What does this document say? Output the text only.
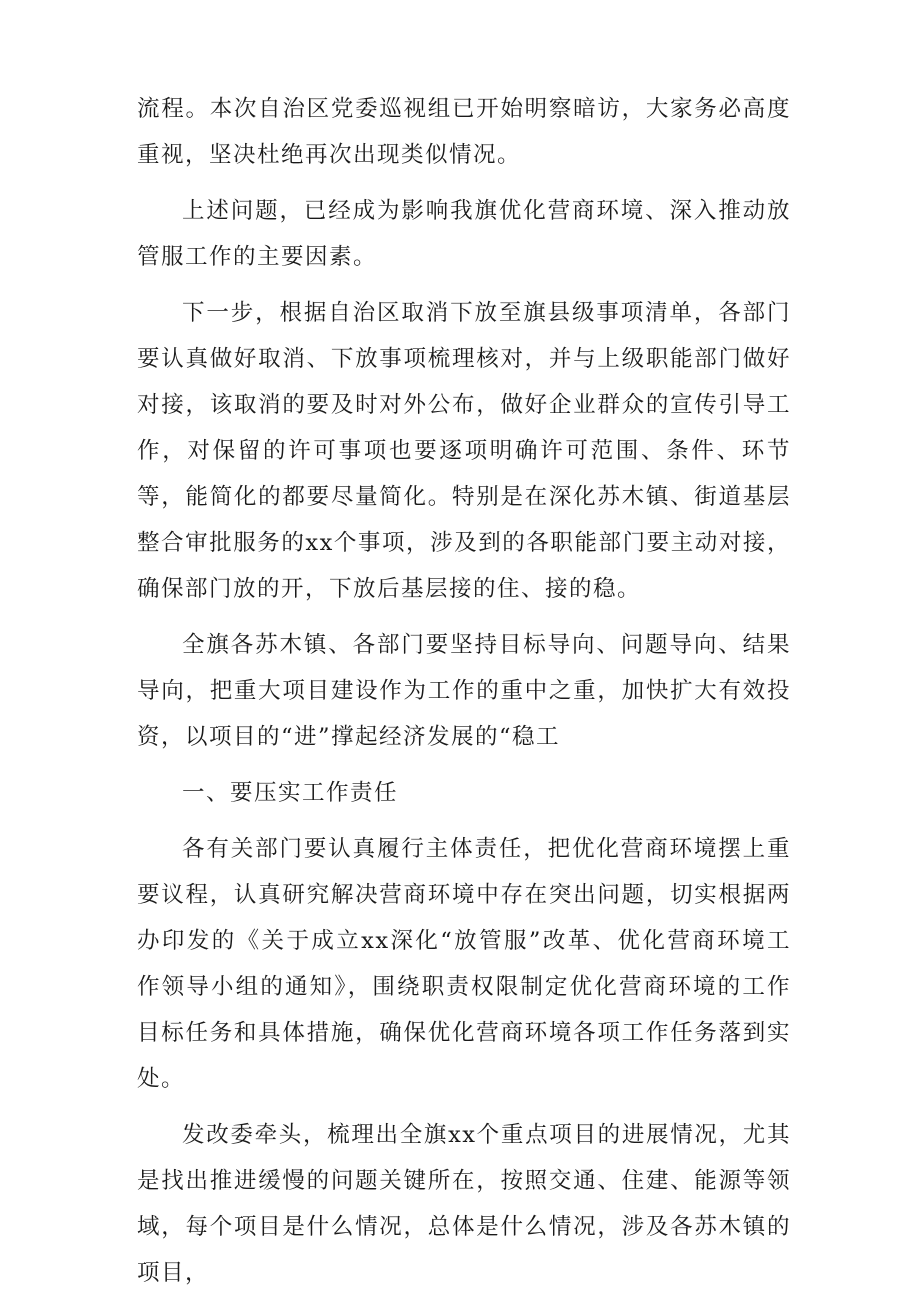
流程。本次自治区党委巡视组已开始明察暗访，大家务必高度重视，坚决杜绝再次出现类似情况。

上述问题，已经成为影响我旗优化营商环境、深入推动放管服工作的主要因素。

下一步，根据自治区取消下放至旗县级事项清单，各部门要认真做好取消、下放事项梳理核对，并与上级职能部门做好对接，该取消的要及时对外公布，做好企业群众的宣传引导工作，对保留的许可事项也要逐项明确许可范围、条件、环节等，能简化的都要尽量简化。特别是在深化苏木镇、街道基层整合审批服务的xx个事项，涉及到的各职能部门要主动对接，确保部门放的开，下放后基层接的住、接的稳。

全旗各苏木镇、各部门要坚持目标导向、问题导向、结果导向，把重大项目建设作为工作的重中之重，加快扩大有效投资，以项目的“进”撑起经济发展的“稳工

一、要压实工作责任

各有关部门要认真履行主体责任，把优化营商环境摆上重要议程，认真研究解决营商环境中存在突出问题，切实根据两办印发的《关于成立xx深化“放管服”改革、优化营商环境工作领导小组的通知》，围绕职责权限制定优化营商环境的工作目标任务和具体措施，确保优化营商环境各项工作任务落到实处。

发改委牵头，梳理出全旗xx个重点项目的进展情况，尤其是找出推进缓慢的问题关键所在，按照交通、住建、能源等领域，每个项目是什么情况，总体是什么情况，涉及各苏木镇的项目，
